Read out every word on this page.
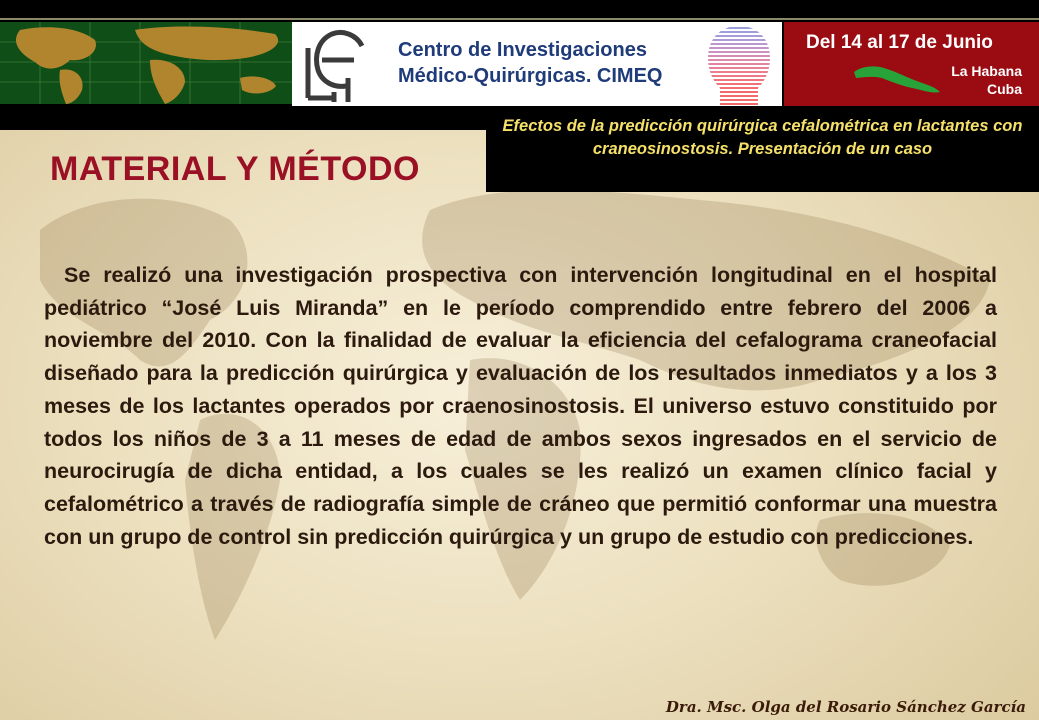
Centro de Investigaciones
Médico-Quirúrgicas. CIMEQ
Del 14 al 17 de Junio
La Habana
Cuba
Efectos de la predicción quirúrgica cefalométrica en lactantes con craneosinostosis. Presentación de un caso
MATERIAL Y MÉTODO

Se realizó una investigación prospectiva con intervención longitudinal en el hospital pediátrico “José Luis Miranda” en le período comprendido entre febrero del 2006 a noviembre del 2010. Con la finalidad de evaluar la eficiencia del cefalograma craneofacial diseñado para la predicción quirúrgica y evaluación de los resultados inmediatos y a los 3 meses de los lactantes operados por craenosinostosis. El universo estuvo constituido por todos los niños de 3 a 11 meses de edad de ambos sexos ingresados en el servicio de neurocirugía de dicha entidad, a los cuales se les realizó un examen clínico facial y cefalométrico a través de radiografía simple de cráneo que permitió conformar una muestra con un grupo de control sin predicción quirúrgica y un grupo de estudio con predicciones.

Dra. Msc. Olga del Rosario Sánchez García
